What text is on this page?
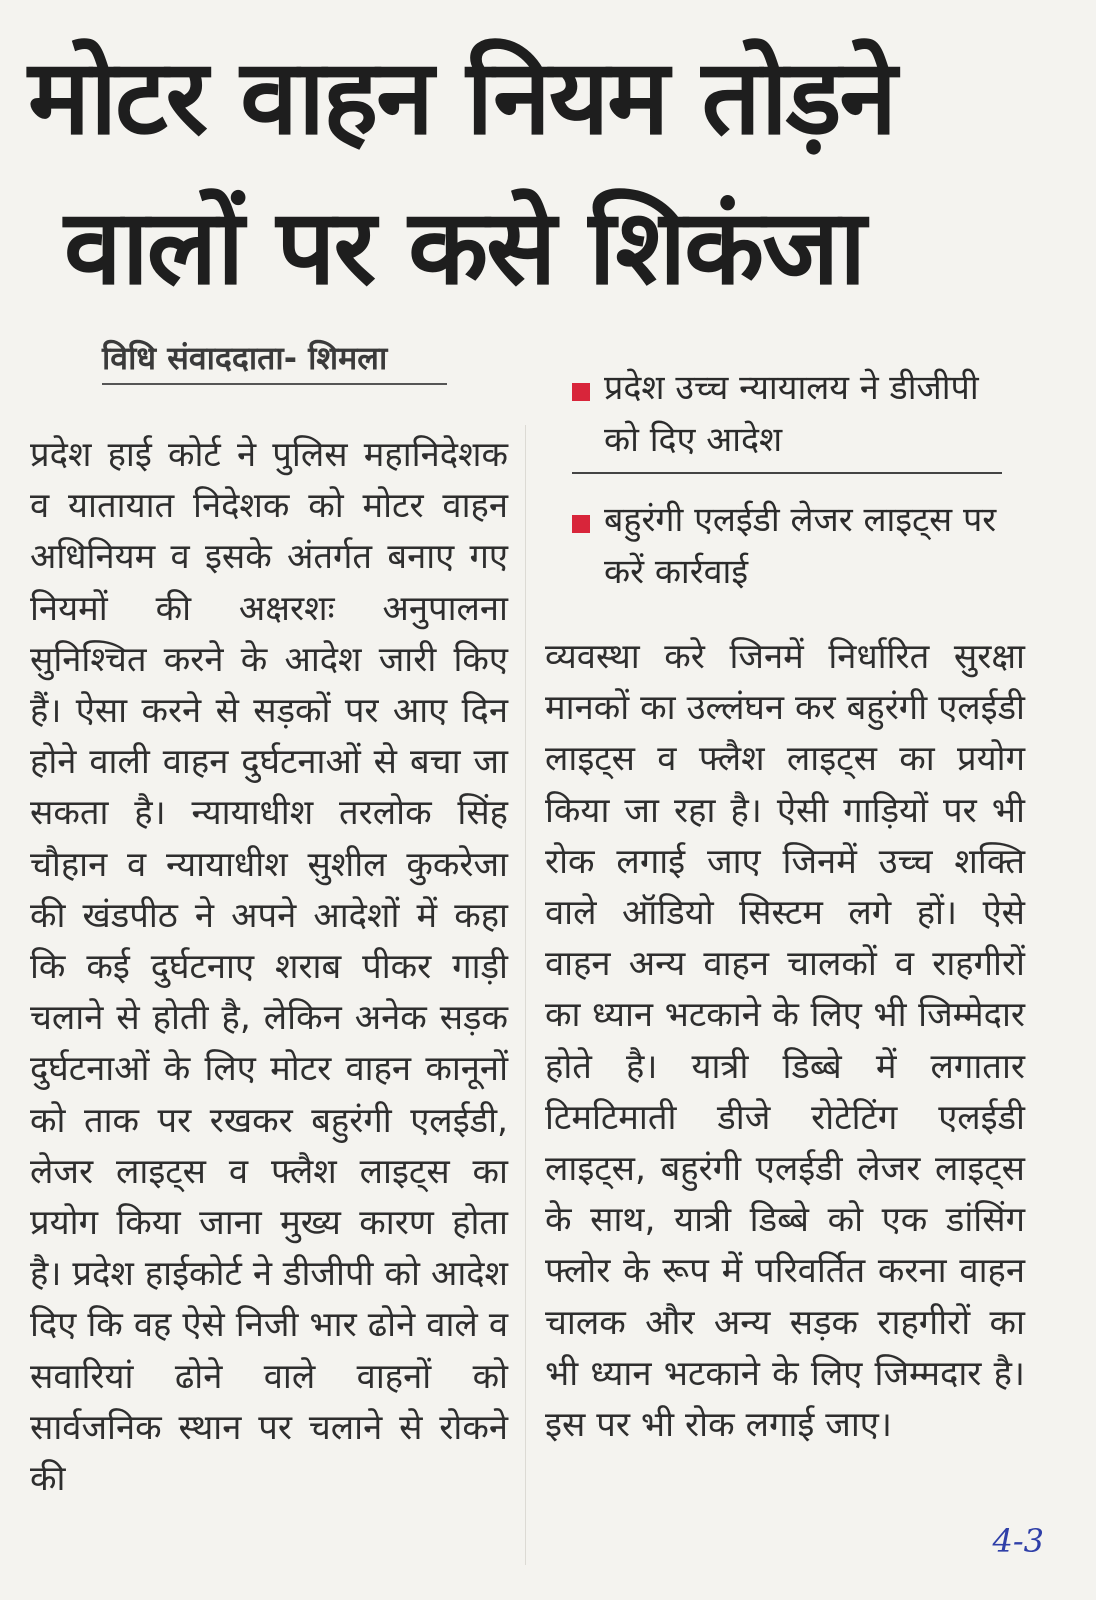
मोटर वाहन नियम तोड़ने
वालों पर कसे शिकंजा
विधि संवाददाता- शिमला
प्रदेश उच्च न्यायालय ने डीजीपी को दिए आदेश
बहुरंगी एलईडी लेजर लाइट्स पर करें कार्रवाई
प्रदेश हाई कोर्ट ने पुलिस महानिदेशक व यातायात निदेशक को मोटर वाहन अधिनियम व इसके अंतर्गत बनाए गए नियमों की अक्षरशः अनुपालना सुनिश्चित करने के आदेश जारी किए हैं। ऐसा करने से सड़कों पर आए दिन होने वाली वाहन दुर्घटनाओं से बचा जा सकता है। न्यायाधीश तरलोक सिंह चौहान व न्यायाधीश सुशील कुकरेजा की खंडपीठ ने अपने आदेशों में कहा कि कई दुर्घटनाए शराब पीकर गाड़ी चलाने से होती है, लेकिन अनेक सड़क दुर्घटनाओं के लिए मोटर वाहन कानूनों को ताक पर रखकर बहुरंगी एलईडी, लेजर लाइट्स व फ्लैश लाइट्स का प्रयोग किया जाना मुख्य कारण होता है। प्रदेश हाईकोर्ट ने डीजीपी को आदेश दिए कि वह ऐसे निजी भार ढोने वाले व सवारियां ढोने वाले वाहनों को सार्वजनिक स्थान पर चलाने से रोकने की
व्यवस्था करे जिनमें निर्धारित सुरक्षा मानकों का उल्लंघन कर बहुरंगी एलईडी लाइट्स व फ्लैश लाइट्स का प्रयोग किया जा रहा है। ऐसी गाड़ियों पर भी रोक लगाई जाए जिनमें उच्च शक्ति वाले ऑडियो सिस्टम लगे हों। ऐसे वाहन अन्य वाहन चालकों व राहगीरों का ध्यान भटकाने के लिए भी जिम्मेदार होते है। यात्री डिब्बे में लगातार टिमटिमाती डीजे रोटेटिंग एलईडी लाइट्स, बहुरंगी एलईडी लेजर लाइट्स के साथ, यात्री डिब्बे को एक डांसिंग फ्लोर के रूप में परिवर्तित करना वाहन चालक और अन्य सड़क राहगीरों का भी ध्यान भटकाने के लिए जिम्मदार है। इस पर भी रोक लगाई जाए।
4-3
